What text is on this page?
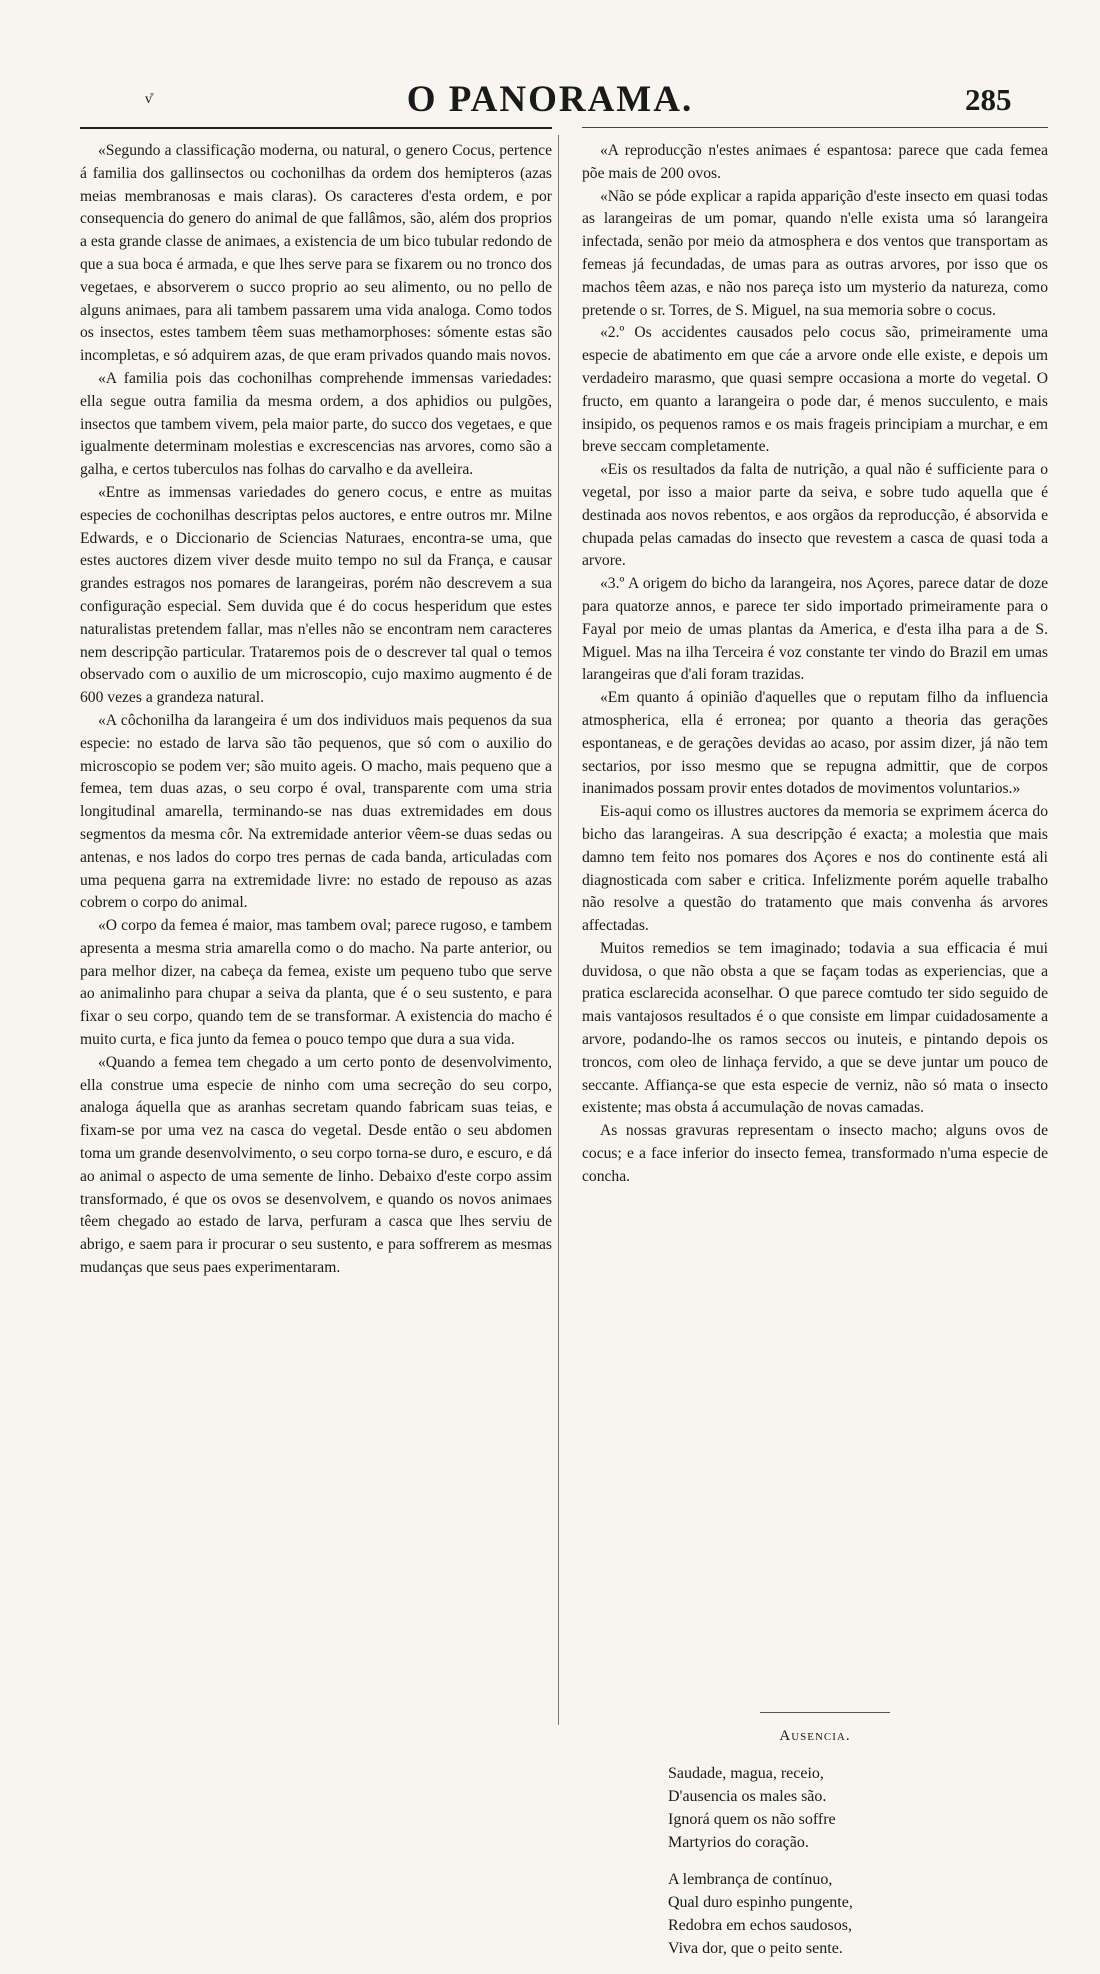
v̊	O PANORAMA.	285

«Segundo a classificação moderna, ou natural, o genero Cocus, pertence á familia dos gallinsectos ou cochonilhas da ordem dos hemipteros (azas meias membranosas e mais claras). Os caracteres d'esta ordem, e por consequencia do genero do animal de que fallâmos, são, além dos proprios a esta grande classe de animaes, a existencia de um bico tubular redondo de que a sua boca é armada, e que lhes serve para se fixarem ou no tronco dos vegetaes, e absorverem o succo proprio ao seu alimento, ou no pello de alguns animaes, para ali tambem passarem uma vida analoga. Como todos os insectos, estes tambem têem suas methamorphoses: sómente estas são incompletas, e só adquirem azas, de que eram privados quando mais novos.

«A familia pois das cochonilhas comprehende immensas variedades: ella segue outra familia da mesma ordem, a dos aphidios ou pulgões, insectos que tambem vivem, pela maior parte, do succo dos vegetaes, e que igualmente determinam molestias e excrescencias nas arvores, como são a galha, e certos tuberculos nas folhas do carvalho e da avelleira.

«Entre as immensas variedades do genero cocus, e entre as muitas especies de cochonilhas descriptas pelos auctores, e entre outros mr. Milne Edwards, e o Diccionario de Sciencias Naturaes, encontra-se uma, que estes auctores dizem viver desde muito tempo no sul da França, e causar grandes estragos nos pomares de larangeiras, porém não descrevem a sua configuração especial. Sem duvida que é do cocus hesperidum que estes naturalistas pretendem fallar, mas n'elles não se encontram nem caracteres nem descripção particular. Trataremos pois de o descrever tal qual o temos observado com o auxilio de um microscopio, cujo maximo augmento é de 600 vezes a grandeza natural.

«A côchonilha da larangeira é um dos individuos mais pequenos da sua especie: no estado de larva são tão pequenos, que só com o auxilio do microscopio se podem ver; são muito ageis. O macho, mais pequeno que a femea, tem duas azas, o seu corpo é oval, transparente com uma stria longitudinal amarella, terminando-se nas duas extremidades em dous segmentos da mesma côr. Na extremidade anterior vêem-se duas sedas ou antenas, e nos lados do corpo tres pernas de cada banda, articuladas com uma pequena garra na extremidade livre: no estado de repouso as azas cobrem o corpo do animal.

«O corpo da femea é maior, mas tambem oval; parece rugoso, e tambem apresenta a mesma stria amarella como o do macho. Na parte anterior, ou para melhor dizer, na cabeça da femea, existe um pequeno tubo que serve ao animalinho para chupar a seiva da planta, que é o seu sustento, e para fixar o seu corpo, quando tem de se transformar. A existencia do macho é muito curta, e fica junto da femea o pouco tempo que dura a sua vida.

«Quando a femea tem chegado a um certo ponto de desenvolvimento, ella construe uma especie de ninho com uma secreção do seu corpo, analoga áquella que as aranhas secretam quando fabricam suas teias, e fixam-se por uma vez na casca do vegetal. Desde então o seu abdomen toma um grande desenvolvimento, o seu corpo torna-se duro, e escuro, e dá ao animal o aspecto de uma semente de linho. Debaixo d'este corpo assim transformado, é que os ovos se desenvolvem, e quando os novos animaes têem chegado ao estado de larva, perfuram a casca que lhes serviu de abrigo, e saem para ir procurar o seu sustento, e para soffrerem as mesmas mudanças que seus paes experimentaram.

«A reproducção n'estes animaes é espantosa: parece que cada femea põe mais de 200 ovos.

«Não se póde explicar a rapida apparição d'este insecto em quasi todas as larangeiras de um pomar, quando n'elle exista uma só larangeira infectada, senão por meio da atmosphera e dos ventos que transportam as femeas já fecundadas, de umas para as outras arvores, por isso que os machos têem azas, e não nos pareça isto um mysterio da natureza, como pretende o sr. Torres, de S. Miguel, na sua memoria sobre o cocus.

«2.º Os accidentes causados pelo cocus são, primeiramente uma especie de abatimento em que cáe a arvore onde elle existe, e depois um verdadeiro marasmo, que quasi sempre occasiona a morte do vegetal. O fructo, em quanto a larangeira o pode dar, é menos succulento, e mais insipido, os pequenos ramos e os mais frageis principiam a murchar, e em breve seccam completamente.

«Eis os resultados da falta de nutrição, a qual não é sufficiente para o vegetal, por isso a maior parte da seiva, e sobre tudo aquella que é destinada aos novos rebentos, e aos orgãos da reproducção, é absorvida e chupada pelas camadas do insecto que revestem a casca de quasi toda a arvore.

«3.º A origem do bicho da larangeira, nos Açores, parece datar de doze para quatorze annos, e parece ter sido importado primeiramente para o Fayal por meio de umas plantas da America, e d'esta ilha para a de S. Miguel. Mas na ilha Terceira é voz constante ter vindo do Brazil em umas larangeiras que d'ali foram trazidas.

«Em quanto á opinião d'aquelles que o reputam filho da influencia atmospherica, ella é erronea; por quanto a theoria das gerações espontaneas, e de gerações devidas ao acaso, por assim dizer, já não tem sectarios, por isso mesmo que se repugna admittir, que de corpos inanimados possam provir entes dotados de movimentos voluntarios.»

Eis-aqui como os illustres auctores da memoria se exprimem ácerca do bicho das larangeiras. A sua descripção é exacta; a molestia que mais damno tem feito nos pomares dos Açores e nos do continente está ali diagnosticada com saber e critica. Infelizmente porém aquelle trabalho não resolve a questão do tratamento que mais convenha ás arvores affectadas.

Muitos remedios se tem imaginado; todavia a sua efficacia é mui duvidosa, o que não obsta a que se façam todas as experiencias, que a pratica esclarecida aconselhar. O que parece comtudo ter sido seguido de mais vantajosos resultados é o que consiste em limpar cuidadosamente a arvore, podando-lhe os ramos seccos ou inuteis, e pintando depois os troncos, com oleo de linhaça fervido, a que se deve juntar um pouco de seccante. Affiança-se que esta especie de verniz, não só mata o insecto existente; mas obsta á accumulação de novas camadas.

As nossas gravuras representam o insecto macho; alguns ovos de cocus; e a face inferior do insecto femea, transformado n'uma especie de concha.

Ausencia.
Saudade, magua, receio,
D'ausencia os males são.
Ignorá quem os não soffre
Martyrios do coração.
A lembrança de contínuo,
Qual duro espinho pungente,
Redobra em echos saudosos,
Viva dor, que o peito sente.
